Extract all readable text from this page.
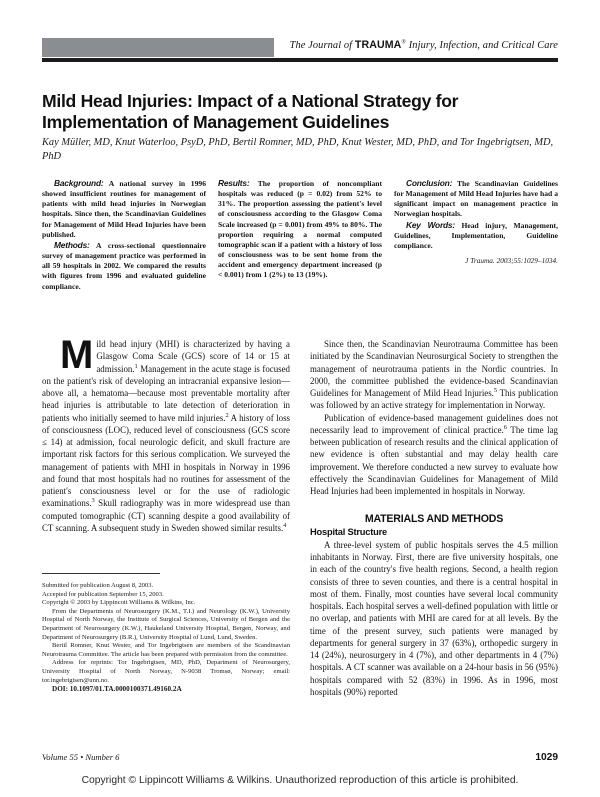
The Journal of TRAUMA® Injury, Infection, and Critical Care
Mild Head Injuries: Impact of a National Strategy for Implementation of Management Guidelines
Kay Müller, MD, Knut Waterloo, PsyD, PhD, Bertil Romner, MD, PhD, Knut Wester, MD, PhD, and Tor Ingebrigtsen, MD, PhD

Background: A national survey in 1996 showed insufficient routines for management of patients with mild head injuries in Norwegian hospitals. Since then, the Scandinavian Guidelines for Management of Mild Head Injuries have been published.

Methods: A cross-sectional questionnaire survey of management practice was performed in all 59 hospitals in 2002. We compared the results with figures from 1996 and evaluated guideline compliance.

Results: The proportion of noncompliant hospitals was reduced (p = 0.02) from 52% to 31%. The proportion assessing the patient's level of consciousness according to the Glasgow Coma Scale increased (p = 0.001) from 49% to 80%. The proportion requiring a normal computed tomographic scan if a patient with a history of loss of consciousness was to be sent home from the accident and emergency department increased (p < 0.001) from 1 (2%) to 13 (19%).

Conclusion: The Scandinavian Guidelines for Management of Mild Head Injuries have had a significant impact on management practice in Norwegian hospitals.

Key Words: Head injury, Management, Guidelines, Implementation, Guideline compliance.

J Trauma. 2003;55:1029–1034.

Mild head injury (MHI) is characterized by having a Glasgow Coma Scale (GCS) score of 14 or 15 at admission.$^1$ Management in the acute stage is focused on the patient's risk of developing an intracranial expansive lesion—above all, a hematoma—because most preventable mortality after head injuries is attributable to late detection of deterioration in patients who initially seemed to have mild injuries.$^2$ A history of loss of consciousness (LOC), reduced level of consciousness (GCS score ≤ 14) at admission, focal neurologic deficit, and skull fracture are important risk factors for this serious complication. We surveyed the management of patients with MHI in hospitals in Norway in 1996 and found that most hospitals had no routines for assessment of the patient's consciousness level or for the use of radiologic examinations.$^3$ Skull radiography was in more widespread use than computed tomographic (CT) scanning despite a good availability of CT scanning. A subsequent study in Sweden showed similar results.$^4$

Submitted for publication August 8, 2003.

Accepted for publication September 15, 2003.

Copyright © 2003 by Lippincott Williams & Wilkins, Inc.

From the Departments of Neurosurgery (K.M., T.I.) and Neurology (K.W.), University Hospital of North Norway, the Institute of Surgical Sciences, University of Bergen and the Department of Neurosurgery (K.W.), Haukeland University Hospital, Bergen, Norway, and Department of Neurosurgery (B.R.), University Hospital of Lund, Lund, Sweden.

Bertil Romner, Knut Wester, and Tor Ingebrigtsen are members of the Scandinavian Neurotrauma Committee. The article has been prepared with permission from the committee.

Address for reprints: Tor Ingebrigtsen, MD, PhD, Department of Neurosurgery, University Hospital of North Norway, N-9038 Tromsø, Norway; email: tor.ingebrigtsen@unn.no.

DOI: 10.1097/01.TA.0000100371.49160.2A

Since then, the Scandinavian Neurotrauma Committee has been initiated by the Scandinavian Neurosurgical Society to strengthen the management of neurotrauma patients in the Nordic countries. In 2000, the committee published the evidence-based Scandinavian Guidelines for Management of Mild Head Injuries.$^5$ This publication was followed by an active strategy for implementation in Norway.

Publication of evidence-based management guidelines does not necessarily lead to improvement of clinical practice.$^6$ The time lag between publication of research results and the clinical application of new evidence is often substantial and may delay health care improvement. We therefore conducted a new survey to evaluate how effectively the Scandinavian Guidelines for Management of Mild Head Injuries had been implemented in hospitals in Norway.

MATERIALS AND METHODS
Hospital Structure

A three-level system of public hospitals serves the 4.5 million inhabitants in Norway. First, there are five university hospitals, one in each of the country's five health regions. Second, a health region consists of three to seven counties, and there is a central hospital in most of them. Finally, most counties have several local community hospitals. Each hospital serves a well-defined population with little or no overlap, and patients with MHI are cared for at all levels. By the time of the present survey, such patients were managed by departments for general surgery in 37 (63%), orthopedic surgery in 14 (24%), neurosurgery in 4 (7%), and other departments in 4 (7%) hospitals. A CT scanner was available on a 24-hour basis in 56 (95%) hospitals compared with 52 (83%) in 1996. As in 1996, most hospitals (90%) reported

Volume 55 • Number 6	1029
Copyright © Lippincott Williams & Wilkins. Unauthorized reproduction of this article is prohibited.
